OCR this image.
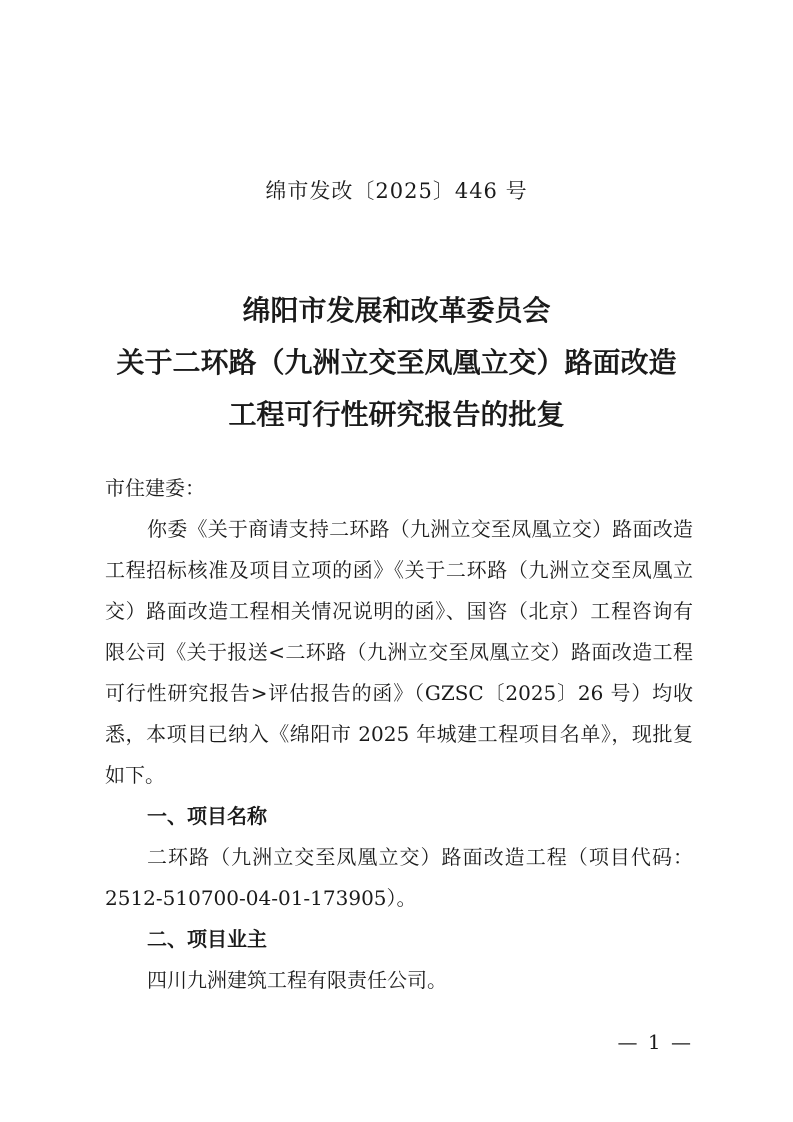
绵市发改〔2025〕446 号
绵阳市发展和改革委员会
关于二环路（九洲立交至凤凰立交）路面改造
工程可行性研究报告的批复

市住建委：

你委《关于商请支持二环路（九洲立交至凤凰立交）路面改造工程招标核准及项目立项的函》《关于二环路（九洲立交至凤凰立交）路面改造工程相关情况说明的函》、国咨（北京）工程咨询有限公司《关于报送<二环路（九洲立交至凤凰立交）路面改造工程可行性研究报告>评估报告的函》（GZSC〔2025〕26 号）均收悉，本项目已纳入《绵阳市 2025 年城建工程项目名单》，现批复如下。

一、项目名称

二环路（九洲立交至凤凰立交）路面改造工程（项目代码：2512-510700-04-01-173905）。

二、项目业主

四川九洲建筑工程有限责任公司。

— 1 —
